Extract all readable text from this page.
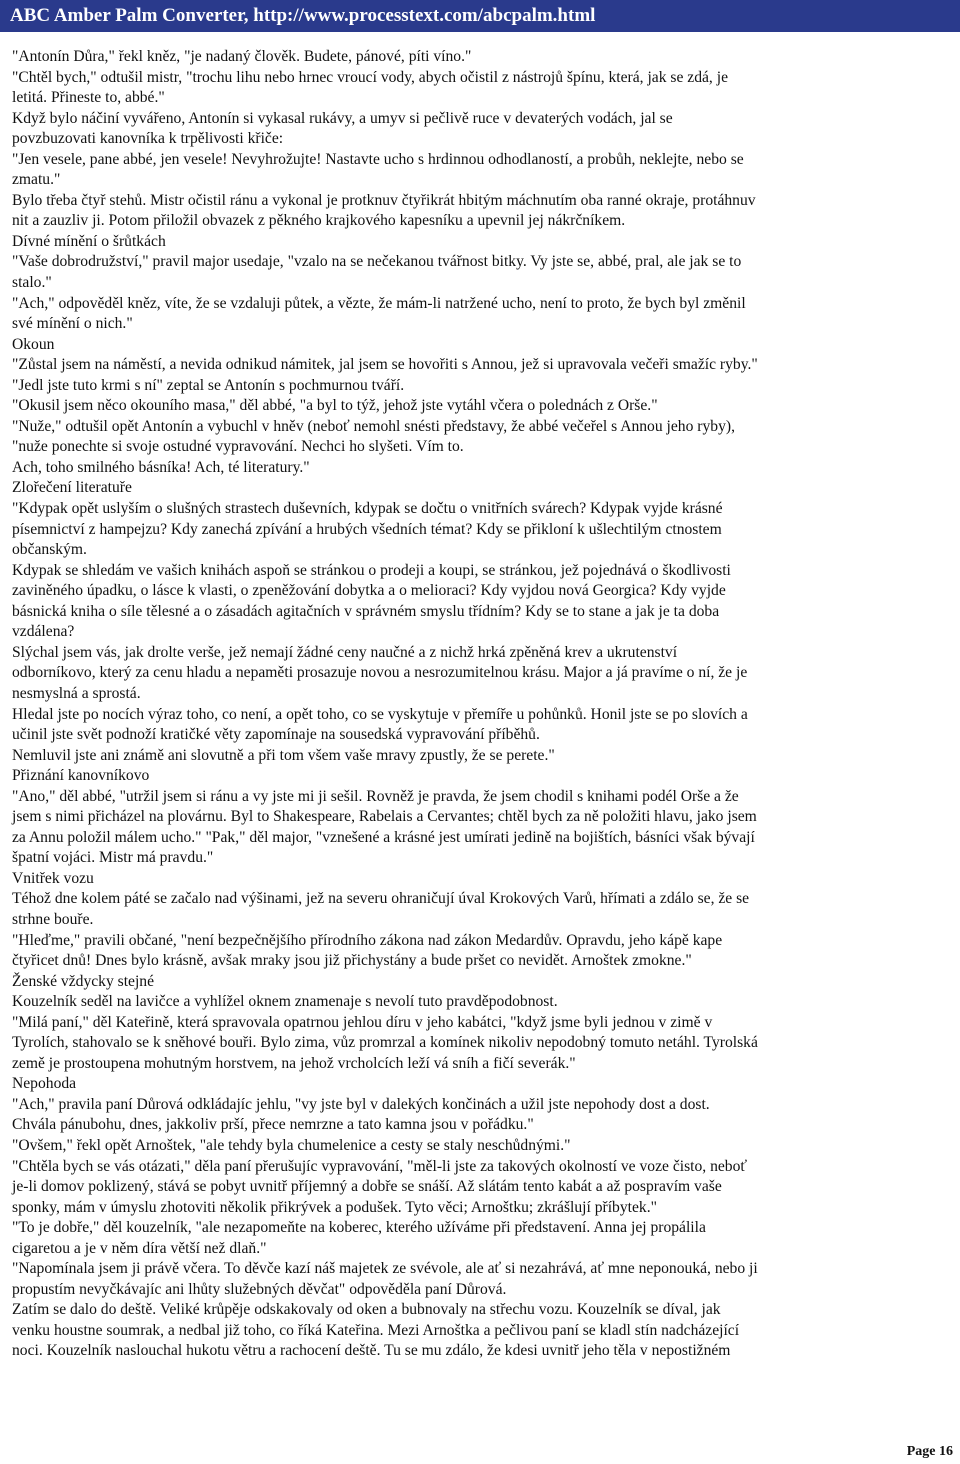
ABC Amber Palm Converter, http://www.processtext.com/abcpalm.html
"Antonín Důra," řekl kněz, "je nadaný člověk. Budete, pánové, píti víno."
"Chtěl bych," odtušil mistr, "trochu lihu nebo hrnec vroucí vody, abych očistil z nástrojů špínu, která, jak se zdá, je
letitá. Přineste to, abbé."
Když bylo náčiní vyvářeno, Antonín si vykasal rukávy, a umyv si pečlivě ruce v devaterých vodách, jal se
povzbuzovati kanovníka k trpělivosti křiče:
"Jen vesele, pane abbé, jen vesele! Nevyhrožujte! Nastavte ucho s hrdinnou odhodlaností, a probůh, neklejte, nebo se
zmatu."
Bylo třeba čtyř stehů. Mistr očistil ránu a vykonal je protknuv čtyřikrát hbitým máchnutím oba ranné okraje, protáhnuv
nit a zauzliv ji. Potom přiložil obvazek z pěkného krajkového kapesníku a upevnil jej nákrčníkem.
Dívné mínění o šrůtkách
"Vaše dobrodružství," pravil major usedaje, "vzalo na se nečekanou tvářnost bitky. Vy jste se, abbé, pral, ale jak se to
stalo."
"Ach," odpověděl kněz, víte, že se vzdaluji půtek, a vězte, že mám-li natržené ucho, není to proto, že bych byl změnil
své mínění o nich."
Okoun
"Zůstal jsem na náměstí, a nevida odnikud námitek, jal jsem se hovořiti s Annou, jež si upravovala večeři smažíc ryby."
"Jedl jste tuto krmi s ní" zeptal se Antonín s pochmurnou tváří.
"Okusil jsem něco okouního masa," děl abbé, "a byl to týž, jehož jste vytáhl včera o polednách z Orše."
"Nuže," odtušil opět Antonín a vybuchl v hněv (neboť nemohl snésti představy, že abbé večeřel s Annou jeho ryby),
"nuže ponechte si svoje ostudné vypravování. Nechci ho slyšeti. Vím to.
Ach, toho smilného básníka! Ach, té literatury."
Zlořečení literatuře
"Kdypak opět uslyším o slušných strastech duševních, kdypak se dočtu o vnitřních svárech? Kdypak vyjde krásné
písemnictví z hampejzu? Kdy zanechá zpívání a hrubých všedních témat? Kdy se přikloní k ušlechtilým ctnostem
občanským.
Kdypak se shledám ve vašich knihách aspoň se stránkou o prodeji a koupi, se stránkou, jež pojednává o škodlivosti
zaviněného úpadku, o lásce k vlasti, o zpeněžování dobytka a o melioraci? Kdy vyjdou nová Georgica? Kdy vyjde
básnická kniha o síle tělesné a o zásadách agitačních v správném smyslu třídním? Kdy se to stane a jak je ta doba
vzdálena?
Slýchal jsem vás, jak drolte verše, jež nemají žádné ceny naučné a z nichž hrká zpěněná krev a ukrutenství
odborníkovo, který za cenu hladu a nepaměti prosazuje novou a nesrozumitelnou krásu. Major a já pravíme o ní, že je
nesmyslná a sprostá.
Hledal jste po nocích výraz toho, co není, a opět toho, co se vyskytuje v přemíře u pohůnků. Honil jste se po slovích a
učinil jste svět podnoží kratičké věty zapomínaje na sousedská vypravování příběhů.
Nemluvil jste ani známě ani slovutně a při tom všem vaše mravy zpustly, že se perete."
Přiznání kanovníkovo
"Ano," děl abbé, "utržil jsem si ránu a vy jste mi ji sešil. Rovněž je pravda, že jsem chodil s knihami podél Orše a že
jsem s nimi přicházel na plovárnu. Byl to Shakespeare, Rabelais a Cervantes; chtěl bych za ně položiti hlavu, jako jsem
za Annu položil málem ucho." "Pak," děl major, "vznešené a krásné jest umírati jedině na bojištích, básníci však bývají
špatní vojáci. Mistr má pravdu."
Vnitřek vozu
Téhož dne kolem páté se začalo nad výšinami, jež na severu ohraničují úval Krokových Varů, hřímati a zdálo se, že se
strhne bouře.
"Hleďme," pravili občané, "není bezpečnějšího přírodního zákona nad zákon Medardův. Opravdu, jeho kápě kape
čtyřicet dnů! Dnes bylo krásně, avšak mraky jsou již přichystány a bude pršet co nevidět. Arnoštek zmokne."
Ženské vždycky stejné
Kouzelník seděl na lavičce a vyhlížel oknem znamenaje s nevolí tuto pravděpodobnost.
"Milá paní," děl Kateřině, která spravovala opatrnou jehlou díru v jeho kabátci, "když jsme byli jednou v zimě v
Tyrolích, stahovalo se k sněhové bouři. Bylo zima, vůz promrzal a komínek nikoliv nepodobný tomuto netáhl. Tyrolská
země je prostoupena mohutným horstvem, na jehož vrcholcích leží vá sníh a fičí severák."
Nepohoda
"Ach," pravila paní Důrová odkládajíc jehlu, "vy jste byl v dalekých končinách a užil jste nepohody dost a dost.
Chvála pánubohu, dnes, jakkoliv prší, přece nemrzne a tato kamna jsou v pořádku."
"Ovšem," řekl opět Arnoštek, "ale tehdy byla chumelenice a cesty se staly neschůdnými."
"Chtěla bych se vás otázati," děla paní přerušujíc vypravování, "měl-li jste za takových okolností ve voze čisto, neboť
je-li domov poklizený, stává se pobyt uvnitř příjemný a dobře se snáší. Až slátám tento kabát a až pospravím vaše
sponky, mám v úmyslu zhotoviti několik přikrývek a podušek. Tyto věci; Arnoštku; zkrášlují příbytek."
"To je dobře," děl kouzelník, "ale nezapomeňte na koberec, kterého užíváme při představení. Anna jej propálila
cigaretou a je v něm díra větší než dlaň."
"Napomínala jsem ji právě včera. To děvče kazí náš majetek ze svévole, ale ať si nezahrává, ať mne neponouká, nebo ji
propustím nevyčkávajíc ani lhůty služebných děvčat" odpověděla paní Důrová.
Zatím se dalo do deště. Veliké krůpěje odskakovaly od oken a bubnovaly na střechu vozu. Kouzelník se díval, jak
venku houstne soumrak, a nedbal již toho, co říká Kateřina. Mezi Arnoštka a pečlivou paní se kladl stín nadcházející
noci. Kouzelník naslouchal hukotu větru a rachocení deště. Tu se mu zdálo, že kdesi uvnitř jeho těla v nepostižném
Page 16
